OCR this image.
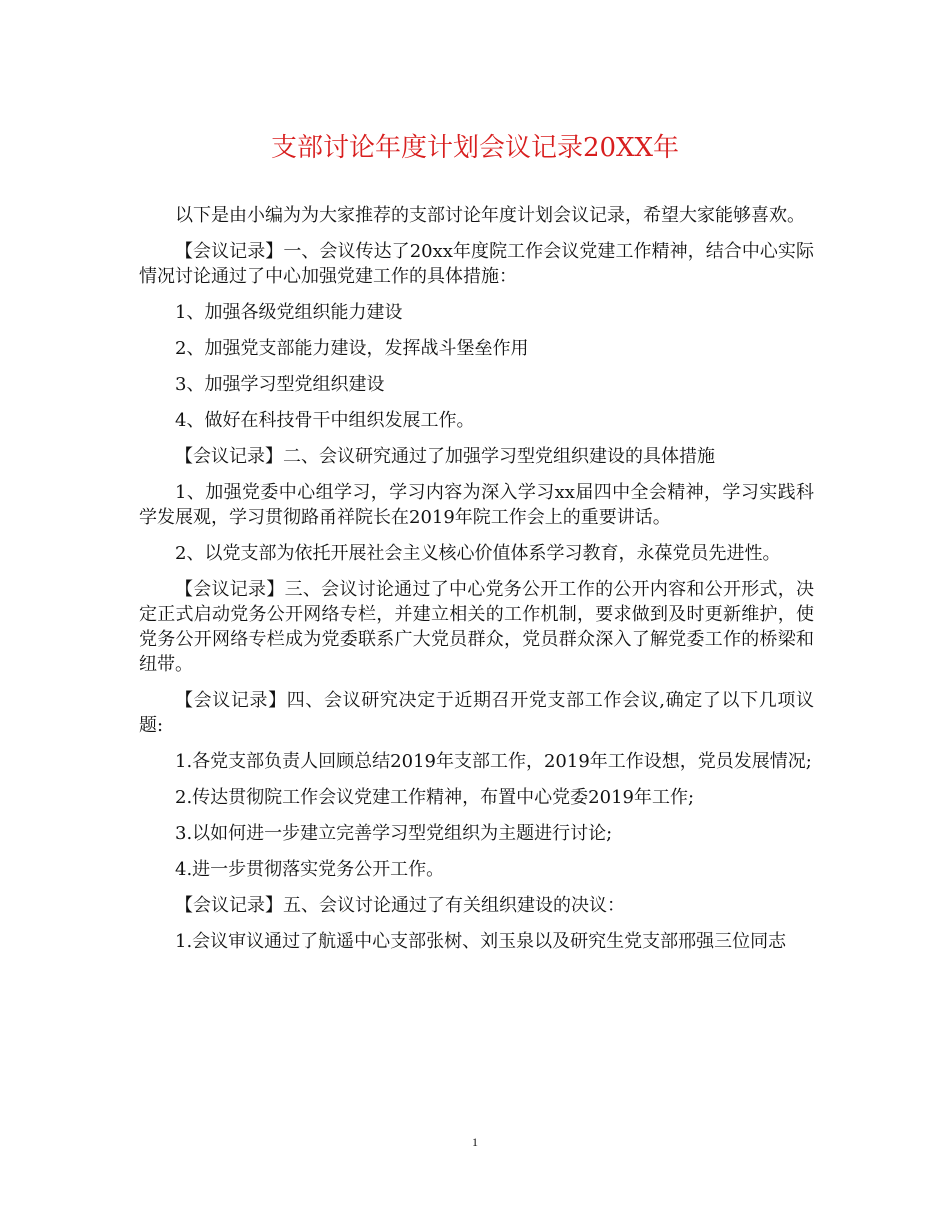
支部讨论年度计划会议记录20XX年

以下是由小编为为大家推荐的支部讨论年度计划会议记录，希望大家能够喜欢。

【会议记录】一、会议传达了20xx年度院工作会议党建工作精神，结合中心实际情况讨论通过了中心加强党建工作的具体措施：

1、加强各级党组织能力建设

2、加强党支部能力建设，发挥战斗堡垒作用

3、加强学习型党组织建设

4、做好在科技骨干中组织发展工作。

【会议记录】二、会议研究通过了加强学习型党组织建设的具体措施

1、加强党委中心组学习，学习内容为深入学习xx届四中全会精神，学习实践科学发展观，学习贯彻路甬祥院长在2019年院工作会上的重要讲话。

2、以党支部为依托开展社会主义核心价值体系学习教育，永葆党员先进性。

【会议记录】三、会议讨论通过了中心党务公开工作的公开内容和公开形式，决定正式启动党务公开网络专栏，并建立相关的工作机制，要求做到及时更新维护，使党务公开网络专栏成为党委联系广大党员群众，党员群众深入了解党委工作的桥梁和纽带。

【会议记录】四、会议研究决定于近期召开党支部工作会议,确定了以下几项议题:

1.各党支部负责人回顾总结2019年支部工作，2019年工作设想，党员发展情况;

2.传达贯彻院工作会议党建工作精神，布置中心党委2019年工作;

3.以如何进一步建立完善学习型党组织为主题进行讨论;

4.进一步贯彻落实党务公开工作。

【会议记录】五、会议讨论通过了有关组织建设的决议：

1.会议审议通过了航遥中心支部张树、刘玉泉以及研究生党支部邢强三位同志

1
